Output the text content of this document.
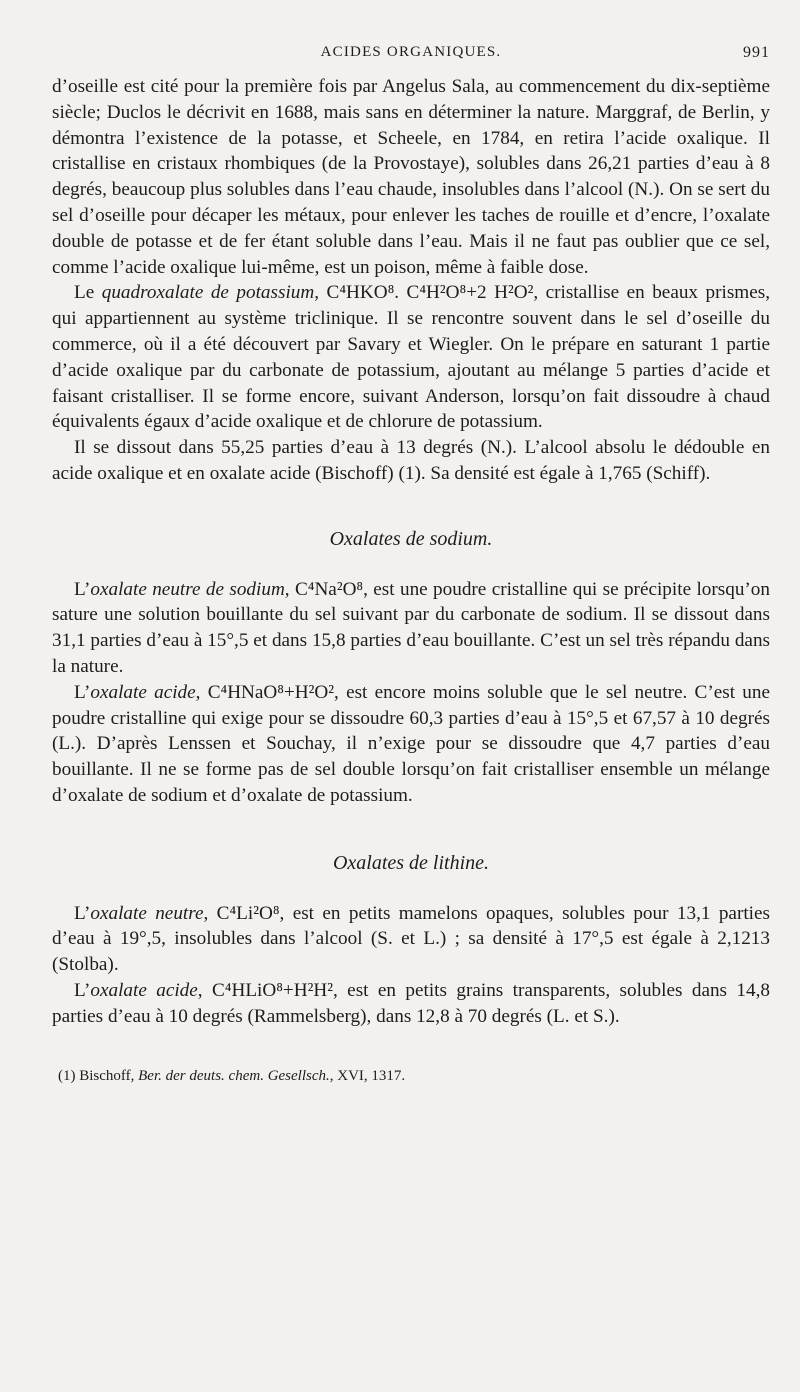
ACIDES ORGANIQUES.	991

d’oseille est cité pour la première fois par Angelus Sala, au commencement du dix-septième siècle; Duclos le décrivit en 1688, mais sans en déterminer la nature. Marggraf, de Berlin, y démontra l’existence de la potasse, et Scheele, en 1784, en retira l’acide oxalique. Il cristallise en cristaux rhombiques (de la Provostaye), solubles dans 26,21 parties d’eau à 8 degrés, beaucoup plus solubles dans l’eau chaude, insolubles dans l’alcool (N.). On se sert du sel d’oseille pour décaper les métaux, pour enlever les taches de rouille et d’encre, l’oxalate double de potasse et de fer étant soluble dans l’eau. Mais il ne faut pas oublier que ce sel, comme l’acide oxalique lui-même, est un poison, même à faible dose.

Le quadroxalate de potassium, C⁴HKO⁸. C⁴H²O⁸+2 H²O², cristallise en beaux prismes, qui appartiennent au système triclinique. Il se rencontre souvent dans le sel d’oseille du commerce, où il a été découvert par Savary et Wiegler. On le prépare en saturant 1 partie d’acide oxalique par du carbonate de potassium, ajoutant au mélange 5 parties d’acide et faisant cristalliser. Il se forme encore, suivant Anderson, lorsqu’on fait dissoudre à chaud équivalents égaux d’acide oxalique et de chlorure de potassium.

Il se dissout dans 55,25 parties d’eau à 13 degrés (N.). L’alcool absolu le dédouble en acide oxalique et en oxalate acide (Bischoff) (1). Sa densité est égale à 1,765 (Schiff).

Oxalates de sodium.

L’oxalate neutre de sodium, C⁴Na²O⁸, est une poudre cristalline qui se précipite lorsqu’on sature une solution bouillante du sel suivant par du carbonate de sodium. Il se dissout dans 31,1 parties d’eau à 15°,5 et dans 15,8 parties d’eau bouillante. C’est un sel très répandu dans la nature.

L’oxalate acide, C⁴HNaO⁸+H²O², est encore moins soluble que le sel neutre. C’est une poudre cristalline qui exige pour se dissoudre 60,3 parties d’eau à 15°,5 et 67,57 à 10 degrés (L.). D’après Lenssen et Souchay, il n’exige pour se dissoudre que 4,7 parties d’eau bouillante. Il ne se forme pas de sel double lorsqu’on fait cristalliser ensemble un mélange d’oxalate de sodium et d’oxalate de potassium.

Oxalates de lithine.

L’oxalate neutre, C⁴Li²O⁸, est en petits mamelons opaques, solubles pour 13,1 parties d’eau à 19°,5, insolubles dans l’alcool (S. et L.) ; sa densité à 17°,5 est égale à 2,1213 (Stolba).

L’oxalate acide, C⁴HLiO⁸+H²H², est en petits grains transparents, solubles dans 14,8 parties d’eau à 10 degrés (Rammelsberg), dans 12,8 à 70 degrés (L. et S.).

(1) Bischoff, Ber. der deuts. chem. Gesellsch., XVI, 1317.
